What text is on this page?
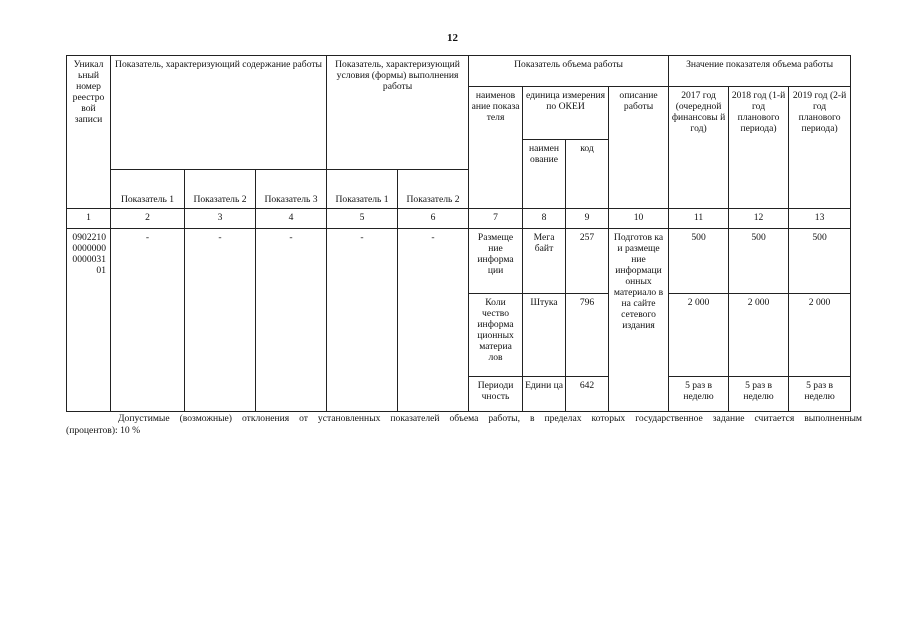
12
Уникал ьный номер реестро вой записи	Показатель, характеризующий содержание работы			Показатель, характеризующий условия (формы) выполнения работы		Показатель объема работы				Значение показателя объема работы		
						наименов ание показа теля	единица измерения по ОКЕИ		описание работы	2017 год (очередной финансовы й год)	2018 год (1-й год планового периода)	2019 год (2-й год планового периода)
							наимен ование	код				
	Показатель 1	Показатель 2	Показатель 3	Показатель 1	Показатель 2							
1	2	3	4	5	6	7	8	9	10	11	12	13
0902210 0000000 0000031 01	-	-	-	-	-	Размеще ние информа ции	Мега байт	257	Подготов ка и размеще ние информаци онных материало в на сайте сетевого издания	500	500	500
						Коли чество информа ционных материа лов	Штука	796		2 000	2 000	2 000
						Периоди чность	Едини ца	642		5 раз в неделю	5 раз в неделю	5 раз в неделю
Допустимые (возможные) отклонения от установленных показателей объема работы, в пределах которых государственное задание считается выполненным
(процентов): 10 %
